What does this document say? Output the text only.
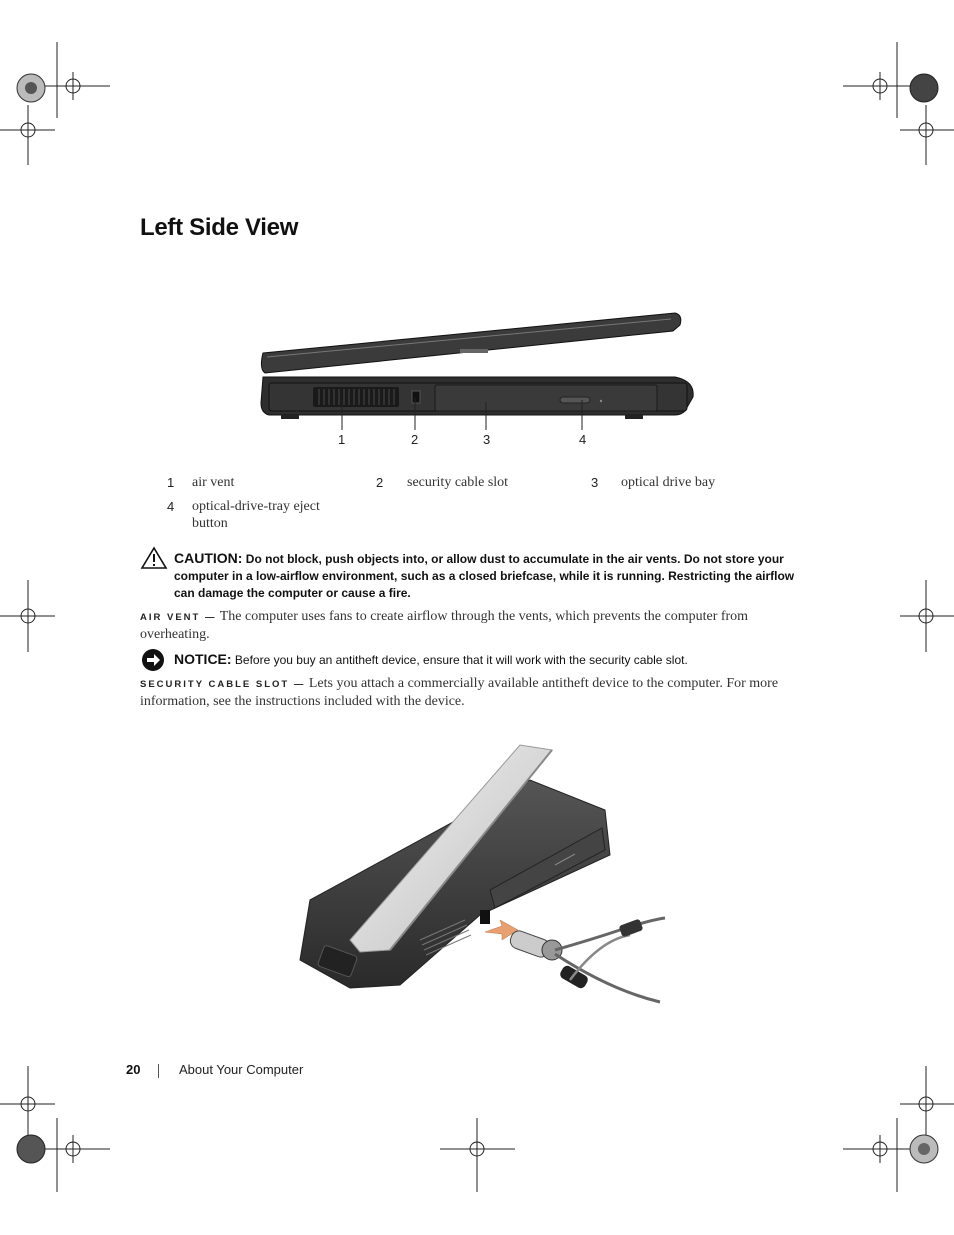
Left Side View
1	2	3	4
1 air vent	2 security cable slot	3 optical drive bay
4 optical-drive-tray eject button
CAUTION: Do not block, push objects into, or allow dust to accumulate in the air vents. Do not store your computer in a low-airflow environment, such as a closed briefcase, while it is running. Restricting the airflow can damage the computer or cause a fire.
AIR VENT — The computer uses fans to create airflow through the vents, which prevents the computer from overheating.
NOTICE: Before you buy an antitheft device, ensure that it will work with the security cable slot.
SECURITY CABLE SLOT — Lets you attach a commercially available antitheft device to the computer. For more information, see the instructions included with the device.
20	About Your Computer
